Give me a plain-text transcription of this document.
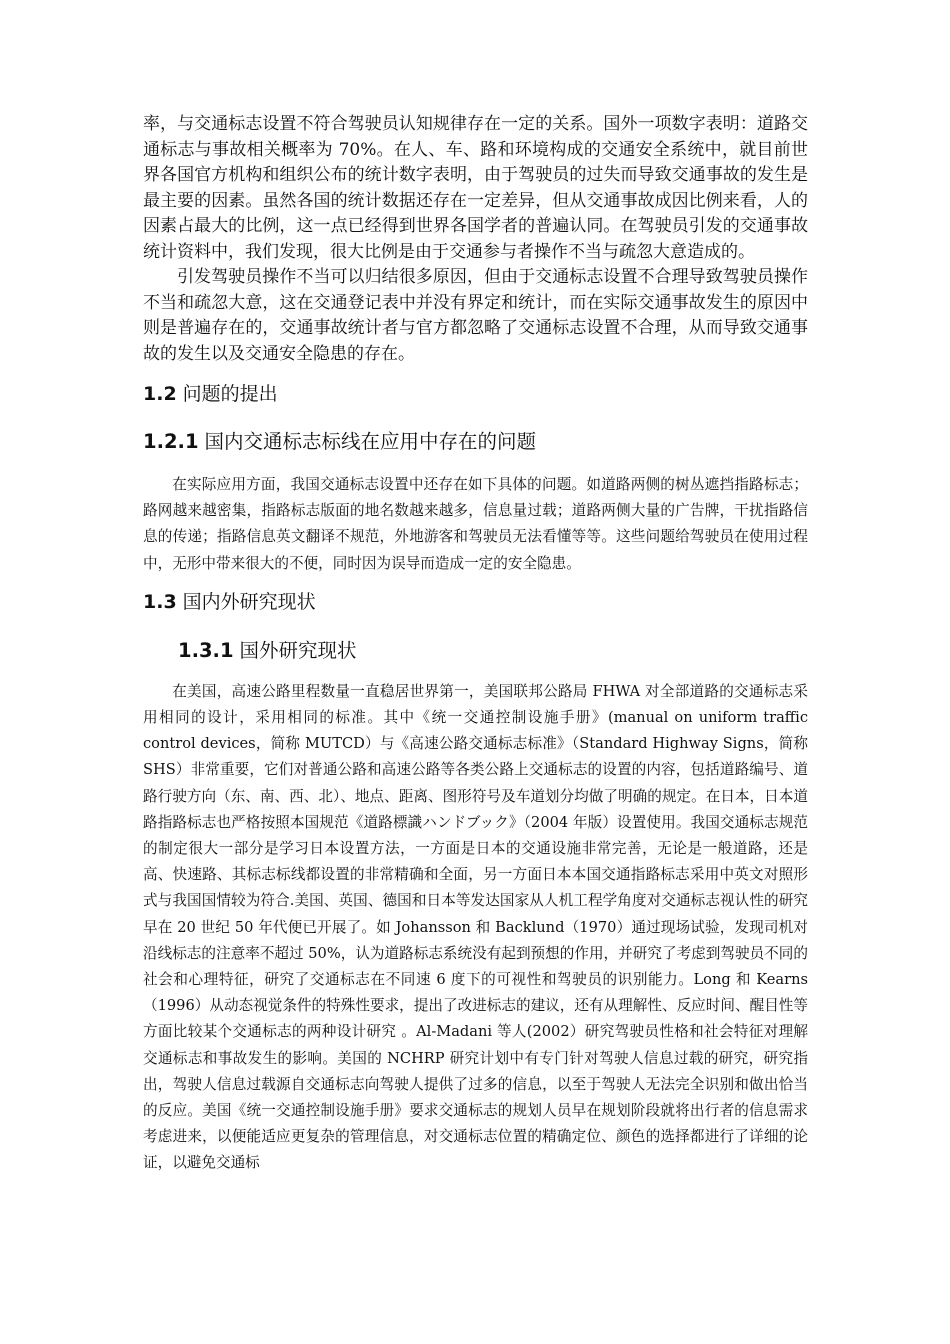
率，与交通标志设置不符合驾驶员认知规律存在一定的关系。国外一项数字表明：道路交通标志与事故相关概率为 70%。在人、车、路和环境构成的交通安全系统中，就目前世界各国官方机构和组织公布的统计数字表明，由于驾驶员的过失而导致交通事故的发生是最主要的因素。虽然各国的统计数据还存在一定差异，但从交通事故成因比例来看，人的因素占最大的比例，这一点已经得到世界各国学者的普遍认同。在驾驶员引发的交通事故统计资料中，我们发现，很大比例是由于交通参与者操作不当与疏忽大意造成的。

引发驾驶员操作不当可以归结很多原因，但由于交通标志设置不合理导致驾驶员操作不当和疏忽大意，这在交通登记表中并没有界定和统计，而在实际交通事故发生的原因中则是普遍存在的，交通事故统计者与官方都忽略了交通标志设置不合理，从而导致交通事故的发生以及交通安全隐患的存在。

1.2 问题的提出
1.2.1 国内交通标志标线在应用中存在的问题

在实际应用方面，我国交通标志设置中还存在如下具体的问题。如道路两侧的树丛遮挡指路标志；路网越来越密集，指路标志版面的地名数越来越多，信息量过载；道路两侧大量的广告牌，干扰指路信息的传递；指路信息英文翻译不规范，外地游客和驾驶员无法看懂等等。这些问题给驾驶员在使用过程中，无形中带来很大的不便，同时因为误导而造成一定的安全隐患。

1.3 国内外研究现状
1.3.1 国外研究现状

在美国，高速公路里程数量一直稳居世界第一，美国联邦公路局 FHWA 对全部道路的交通标志采用相同的设计，采用相同的标准。其中《统一交通控制设施手册》(manual on uniform traffic control devices，简称 MUTCD）与《高速公路交通标志标准》（Standard Highway Signs，简称 SHS）非常重要，它们对普通公路和高速公路等各类公路上交通标志的设置的内容，包括道路编号、道路行驶方向（东、南、西、北）、地点、距离、图形符号及车道划分均做了明确的规定。在日本，日本道路指路标志也严格按照本国规范《道路標識ハンドブック》（2004 年版）设置使用。我国交通标志规范的制定很大一部分是学习日本设置方法，一方面是日本的交通设施非常完善，无论是一般道路，还是高、快速路、其标志标线都设置的非常精确和全面，另一方面日本本国交通指路标志采用中英文对照形式与我国国情较为符合.美国、英国、德国和日本等发达国家从人机工程学角度对交通标志视认性的研究早在 20 世纪 50 年代便已开展了。如 Johansson 和 Backlund（1970）通过现场试验，发现司机对沿线标志的注意率不超过 50%，认为道路标志系统没有起到预想的作用，并研究了考虑到驾驶员不同的社会和心理特征，研究了交通标志在不同速 6 度下的可视性和驾驶员的识别能力。Long 和 Kearns（1996）从动态视觉条件的特殊性要求，提出了改进标志的建议，还有从理解性、反应时间、醒目性等方面比较某个交通标志的两种设计研究 。Al-Madani 等人(2002）研究驾驶员性格和社会特征对理解交通标志和事故发生的影响。美国的 NCHRP 研究计划中有专门针对驾驶人信息过载的研究，研究指出，驾驶人信息过载源自交通标志向驾驶人提供了过多的信息，以至于驾驶人无法完全识别和做出恰当的反应。美国《统一交通控制设施手册》要求交通标志的规划人员早在规划阶段就将出行者的信息需求考虑进来，以便能适应更复杂的管理信息，对交通标志位置的精确定位、颜色的选择都进行了详细的论证，以避免交通标
